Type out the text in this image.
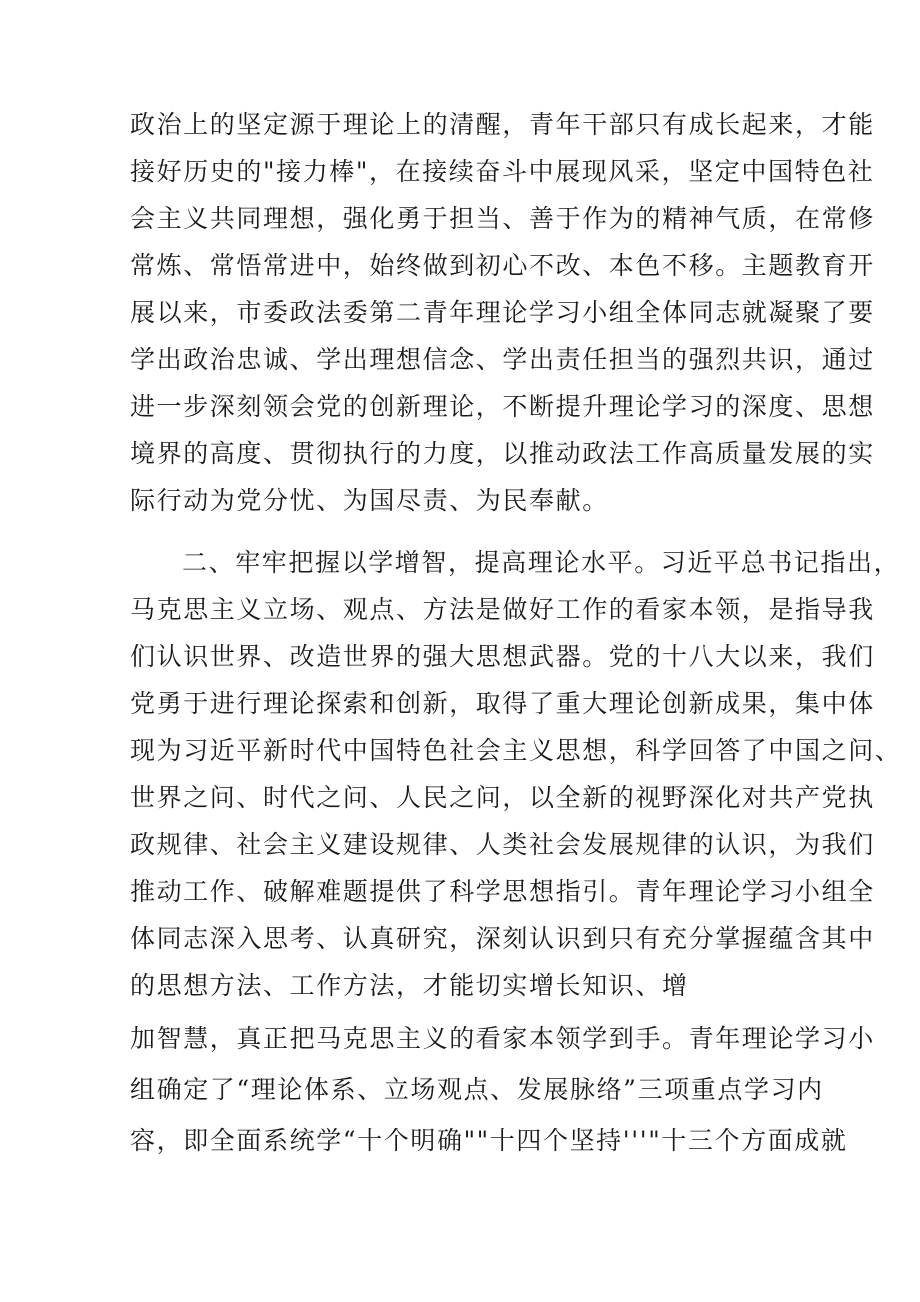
政治上的坚定源于理论上的清醒，青年干部只有成长起来，才能
接好历史的"接力棒"，在接续奋斗中展现风采，坚定中国特色社
会主义共同理想，强化勇于担当、善于作为的精神气质，在常修
常炼、常悟常进中，始终做到初心不改、本色不移。主题教育开
展以来，市委政法委第二青年理论学习小组全体同志就凝聚了要
学出政治忠诚、学出理想信念、学出责任担当的强烈共识，通过
进一步深刻领会党的创新理论，不断提升理论学习的深度、思想
境界的高度、贯彻执行的力度，以推动政法工作高质量发展的实
际行动为党分忧、为国尽责、为民奉献。
二、牢牢把握以学增智，提高理论水平。习近平总书记指出，
马克思主义立场、观点、方法是做好工作的看家本领，是指导我
们认识世界、改造世界的强大思想武器。党的十八大以来，我们
党勇于进行理论探索和创新，取得了重大理论创新成果，集中体
现为习近平新时代中国特色社会主义思想，科学回答了中国之问、
世界之问、时代之问、人民之问，以全新的视野深化对共产党执
政规律、社会主义建设规律、人类社会发展规律的认识，为我们
推动工作、破解难题提供了科学思想指引。青年理论学习小组全
体同志深入思考、认真研究，深刻认识到只有充分掌握蕴含其中
的思想方法、工作方法，才能切实增长知识、增
加智慧，真正把马克思主义的看家本领学到手。青年理论学习小
组确定了“理论体系、立场观点、发展脉络”三项重点学习内
容，即全面系统学“十个明确""十四个坚持'''"十三个方面成就
